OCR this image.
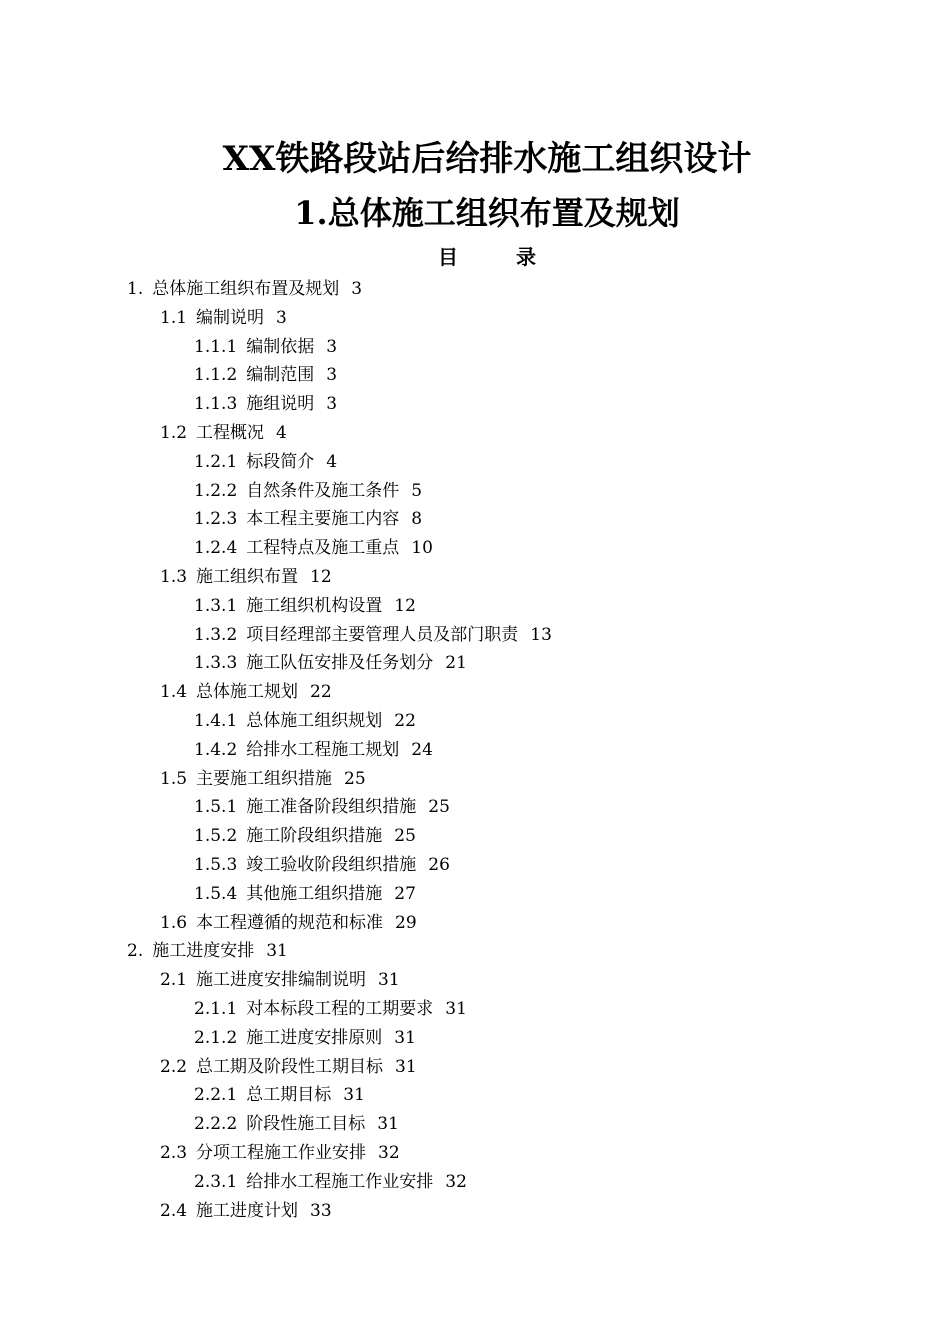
XX铁路段站后给排水施工组织设计
1.总体施工组织布置及规划
目	录
1. 总体施工组织布置及规划 3
1.1 编制说明 3
1.1.1 编制依据 3
1.1.2 编制范围 3
1.1.3 施组说明 3
1.2 工程概况 4
1.2.1 标段简介 4
1.2.2 自然条件及施工条件 5
1.2.3 本工程主要施工内容 8
1.2.4 工程特点及施工重点 10
1.3 施工组织布置 12
1.3.1 施工组织机构设置 12
1.3.2 项目经理部主要管理人员及部门职责 13
1.3.3 施工队伍安排及任务划分 21
1.4 总体施工规划 22
1.4.1 总体施工组织规划 22
1.4.2 给排水工程施工规划 24
1.5 主要施工组织措施 25
1.5.1 施工准备阶段组织措施 25
1.5.2 施工阶段组织措施 25
1.5.3 竣工验收阶段组织措施 26
1.5.4 其他施工组织措施 27
1.6 本工程遵循的规范和标准 29
2. 施工进度安排 31
2.1 施工进度安排编制说明 31
2.1.1 对本标段工程的工期要求 31
2.1.2 施工进度安排原则 31
2.2 总工期及阶段性工期目标 31
2.2.1 总工期目标 31
2.2.2 阶段性施工目标 31
2.3 分项工程施工作业安排 32
2.3.1 给排水工程施工作业安排 32
2.4 施工进度计划 33
